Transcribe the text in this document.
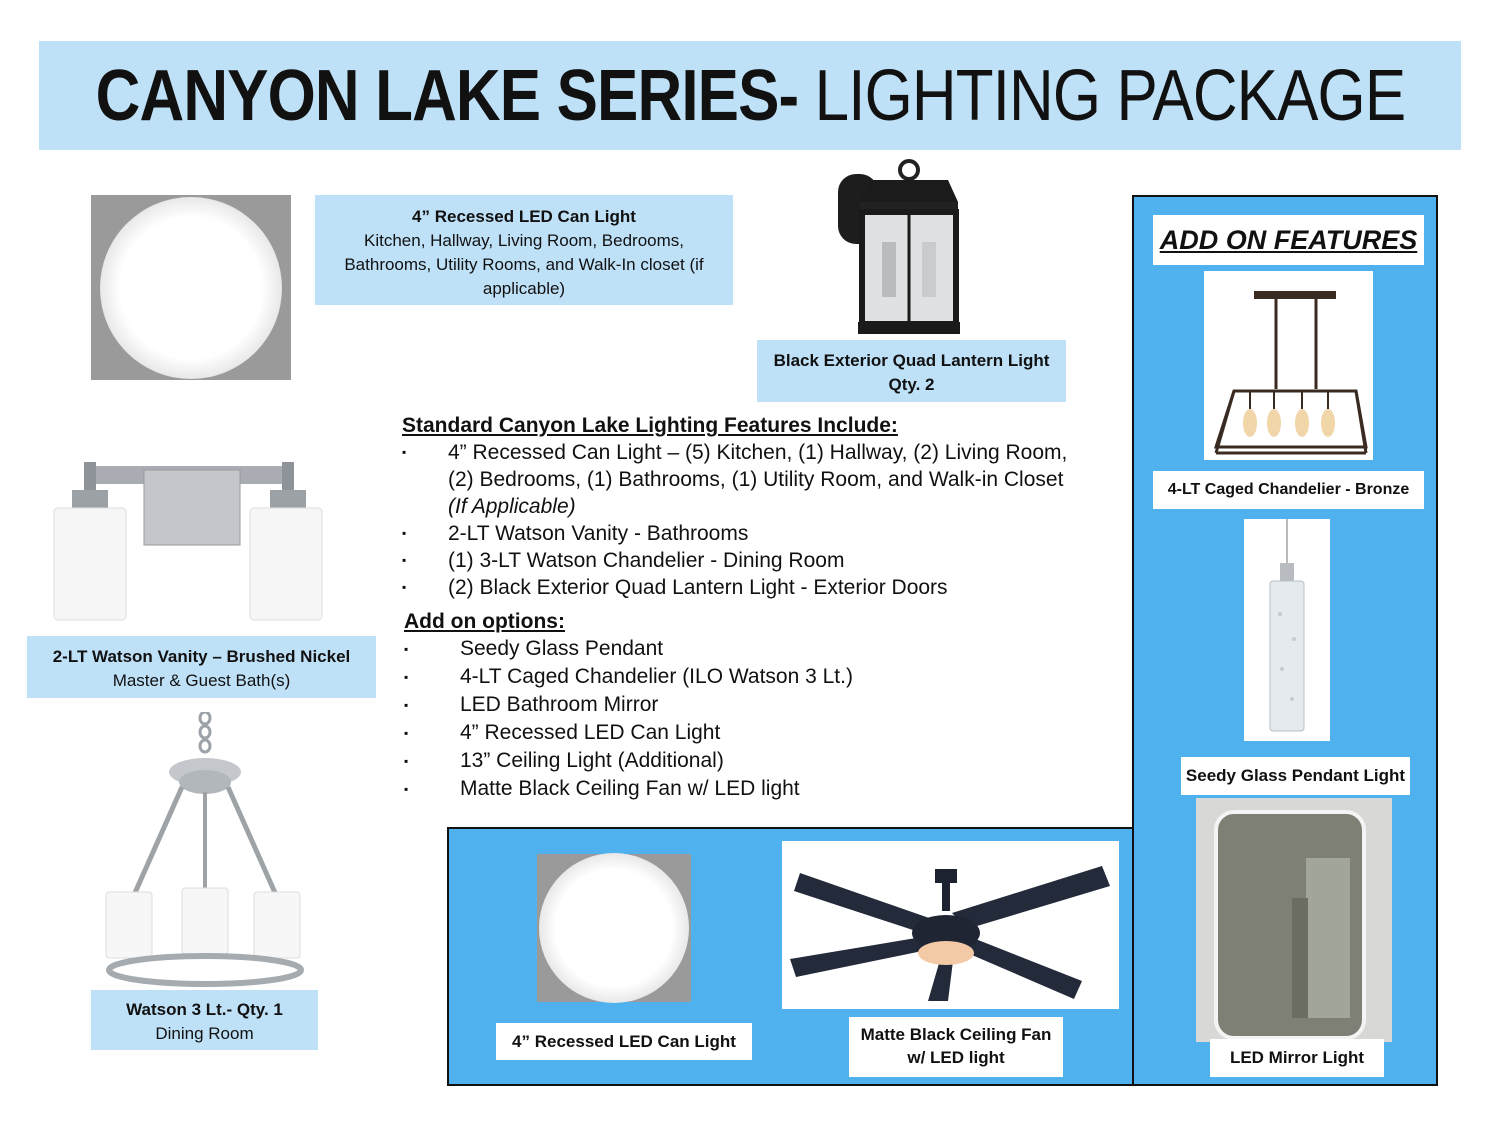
CANYON LAKE SERIES- LIGHTING PACKAGE
4” Recessed LED Can Light
Kitchen, Hallway, Living Room, Bedrooms,
Bathrooms, Utility Rooms, and Walk-In closet (if
applicable)
Black Exterior Quad Lantern Light
Qty. 2
2-LT Watson Vanity – Brushed Nickel
Master & Guest Bath(s)
Watson 3 Lt.- Qty. 1
Dining Room
Standard Canyon Lake Lighting Features Include:
▪	4” Recessed Can Light – (5) Kitchen, (1) Hallway, (2) Living Room,
(2) Bedrooms, (1) Bathrooms, (1) Utility Room, and Walk-in Closet
(If Applicable)
▪	2-LT Watson Vanity - Bathrooms
▪	(1) 3-LT Watson Chandelier - Dining Room
▪	(2) Black Exterior Quad Lantern Light - Exterior Doors
Add on options:
▪	Seedy Glass Pendant
▪	4-LT Caged Chandelier (ILO Watson 3 Lt.)
▪	LED Bathroom Mirror
▪	4” Recessed LED Can Light
▪	13” Ceiling Light (Additional)
▪	Matte Black Ceiling Fan w/ LED light
4” Recessed LED Can Light	Matte Black Ceiling Fan
w/ LED light
ADD ON FEATURES
4-LT Caged Chandelier - Bronze
Seedy Glass Pendant Light
LED Mirror Light
